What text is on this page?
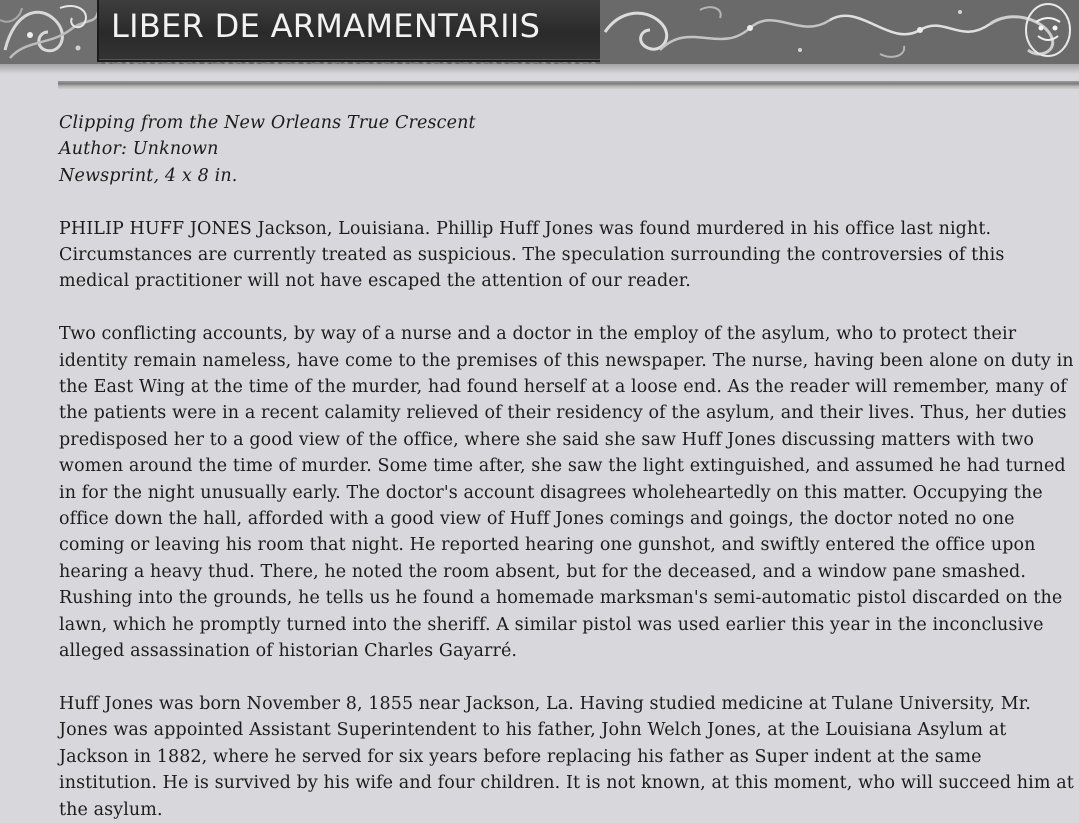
LIBER DE ARMAMENTARIIS

Clipping from the New Orleans True Crescent
Author: Unknown
Newsprint, 4 x 8 in.

PHILIP HUFF JONES Jackson, Louisiana. Phillip Huff Jones was found murdered in his office last night. Circumstances are currently treated as suspicious. The speculation surrounding the controversies of this medical practitioner will not have escaped the attention of our reader.

Two conflicting accounts, by way of a nurse and a doctor in the employ of the asylum, who to protect their identity remain nameless, have come to the premises of this newspaper. The nurse, having been alone on duty in the East Wing at the time of the murder, had found herself at a loose end. As the reader will remember, many of the patients were in a recent calamity relieved of their residency of the asylum, and their lives. Thus, her duties predisposed her to a good view of the office, where she said she saw Huff Jones discussing matters with two women around the time of murder. Some time after, she saw the light extinguished, and assumed he had turned in for the night unusually early. The doctor's account disagrees wholeheartedly on this matter. Occupying the office down the hall, afforded with a good view of Huff Jones comings and goings, the doctor noted no one coming or leaving his room that night. He reported hearing one gunshot, and swiftly entered the office upon hearing a heavy thud. There, he noted the room absent, but for the deceased, and a window pane smashed. Rushing into the grounds, he tells us he found a homemade marksman's semi-automatic pistol discarded on the lawn, which he promptly turned into the sheriff. A similar pistol was used earlier this year in the inconclusive alleged assassination of historian Charles Gayarré.

Huff Jones was born November 8, 1855 near Jackson, La. Having studied medicine at Tulane University, Mr. Jones was appointed Assistant Superintendent to his father, John Welch Jones, at the Louisiana Asylum at Jackson in 1882, where he served for six years before replacing his father as Super indent at the same institution. He is survived by his wife and four children. It is not known, at this moment, who will succeed him at the asylum.
